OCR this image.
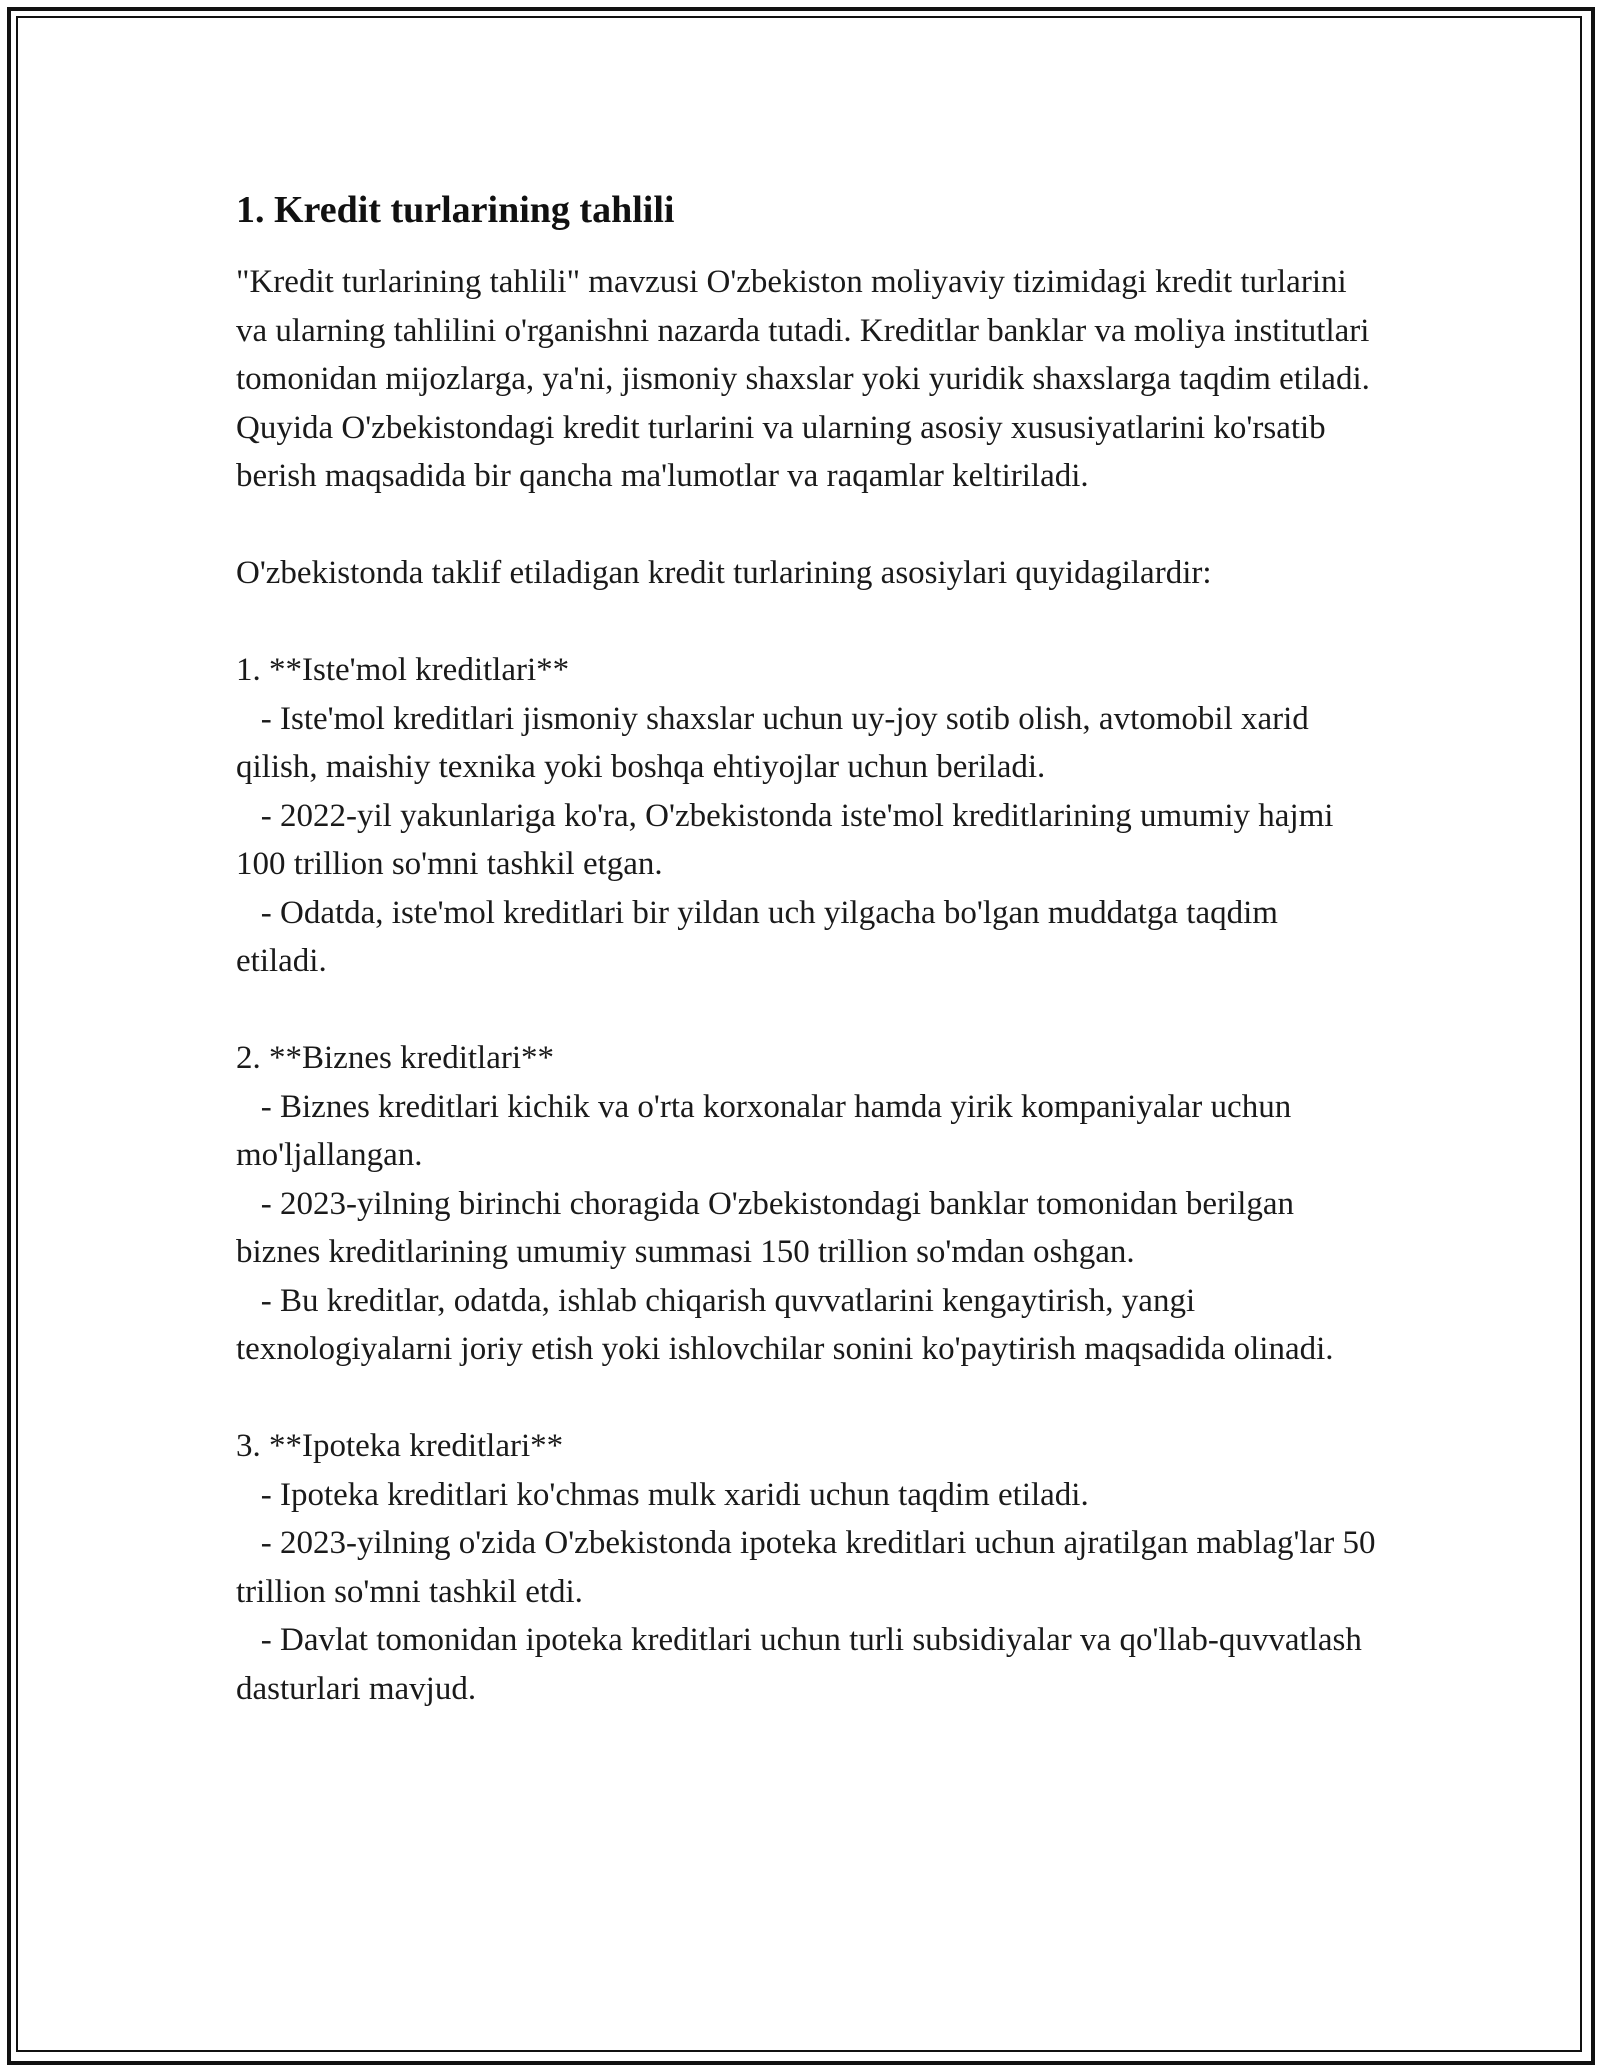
1. Kredit turlarining tahlili

"Kredit turlarining tahlili" mavzusi O'zbekiston moliyaviy tizimidagi kredit turlarini va ularning tahlilini o'rganishni nazarda tutadi. Kreditlar banklar va moliya institutlari tomonidan mijozlarga, ya'ni, jismoniy shaxslar yoki yuridik shaxslarga taqdim etiladi. Quyida O'zbekistondagi kredit turlarini va ularning asosiy xususiyatlarini ko'rsatib berish maqsadida bir qancha ma'lumotlar va raqamlar keltiriladi.

O'zbekistonda taklif etiladigan kredit turlarining asosiylari quyidagilardir:

1. **Iste'mol kreditlari**

- Iste'mol kreditlari jismoniy shaxslar uchun uy-joy sotib olish, avtomobil xarid qilish, maishiy texnika yoki boshqa ehtiyojlar uchun beriladi.

- 2022-yil yakunlariga ko'ra, O'zbekistonda iste'mol kreditlarining umumiy hajmi 100 trillion so'mni tashkil etgan.

- Odatda, iste'mol kreditlari bir yildan uch yilgacha bo'lgan muddatga taqdim etiladi.

2. **Biznes kreditlari**

- Biznes kreditlari kichik va o'rta korxonalar hamda yirik kompaniyalar uchun mo'ljallangan.

- 2023-yilning birinchi choragida O'zbekistondagi banklar tomonidan berilgan biznes kreditlarining umumiy summasi 150 trillion so'mdan oshgan.

- Bu kreditlar, odatda, ishlab chiqarish quvvatlarini kengaytirish, yangi texnologiyalarni joriy etish yoki ishlovchilar sonini ko'paytirish maqsadida olinadi.

3. **Ipoteka kreditlari**

- Ipoteka kreditlari ko'chmas mulk xaridi uchun taqdim etiladi.

- 2023-yilning o'zida O'zbekistonda ipoteka kreditlari uchun ajratilgan mablag'lar 50 trillion so'mni tashkil etdi.

- Davlat tomonidan ipoteka kreditlari uchun turli subsidiyalar va qo'llab-quvvatlash dasturlari mavjud.
